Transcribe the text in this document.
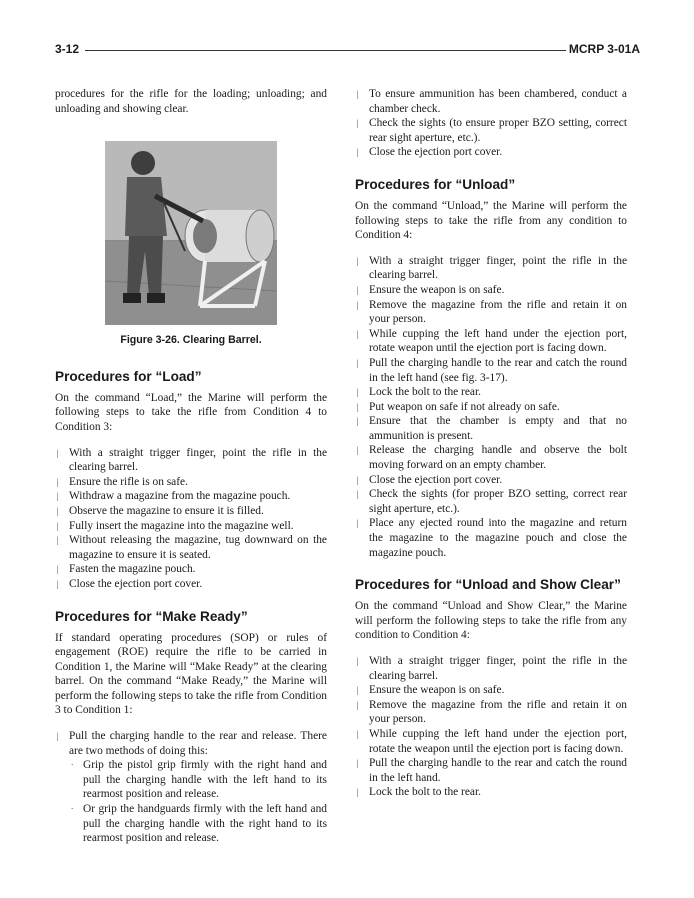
3-12	MCRP 3-01A

procedures for the rifle for the loading; unloading; and unloading and showing clear.

Figure 3-26. Clearing Barrel.
Procedures for “Load”

On the command “Load,” the Marine will perform the following steps to take the rifle from Condition 4 to Condition 3:

│ With a straight trigger finger, point the rifle in the clearing barrel.
│ Ensure the rifle is on safe.
│ Withdraw a magazine from the magazine pouch.
│ Observe the magazine to ensure it is filled.
│ Fully insert the magazine into the magazine well.
│ Without releasing the magazine, tug downward on the magazine to ensure it is seated.
│ Fasten the magazine pouch.
│ Close the ejection port cover.
Procedures for “Make Ready”

If standard operating procedures (SOP) or rules of engagement (ROE) require the rifle to be carried in Condition 1, the Marine will “Make Ready” at the clearing barrel. On the command “Make Ready,” the Marine will perform the following steps to take the rifle from Condition 3 to Condition 1:

│ Pull the charging handle to the rear and release. There are two methods of doing this:
· Grip the pistol grip firmly with the right hand and pull the charging handle with the left hand to its rearmost position and release.
· Or grip the handguards firmly with the left hand and pull the charging handle with the right hand to its rearmost position and release.
│ To ensure ammunition has been chambered, conduct a chamber check.
│ Check the sights (to ensure proper BZO setting, correct rear sight aperture, etc.).
│ Close the ejection port cover.
Procedures for “Unload”

On the command “Unload,” the Marine will perform the following steps to take the rifle from any condition to Condition 4:

│ With a straight trigger finger, point the rifle in the clearing barrel.
│ Ensure the weapon is on safe.
│ Remove the magazine from the rifle and retain it on your person.
│ While cupping the left hand under the ejection port, rotate weapon until the ejection port is facing down.
│ Pull the charging handle to the rear and catch the round in the left hand (see fig. 3-17).
│ Lock the bolt to the rear.
│ Put weapon on safe if not already on safe.
│ Ensure that the chamber is empty and that no ammunition is present.
│ Release the charging handle and observe the bolt moving forward on an empty chamber.
│ Close the ejection port cover.
│ Check the sights (for proper BZO setting, correct rear sight aperture, etc.).
│ Place any ejected round into the magazine and return the magazine to the magazine pouch and close the magazine pouch.
Procedures for “Unload and Show Clear”

On the command “Unload and Show Clear,” the Marine will perform the following steps to take the rifle from any condition to Condition 4:

│ With a straight trigger finger, point the rifle in the clearing barrel.
│ Ensure the weapon is on safe.
│ Remove the magazine from the rifle and retain it on your person.
│ While cupping the left hand under the ejection port, rotate the weapon until the ejection port is facing down.
│ Pull the charging handle to the rear and catch the round in the left hand.
│ Lock the bolt to the rear.
